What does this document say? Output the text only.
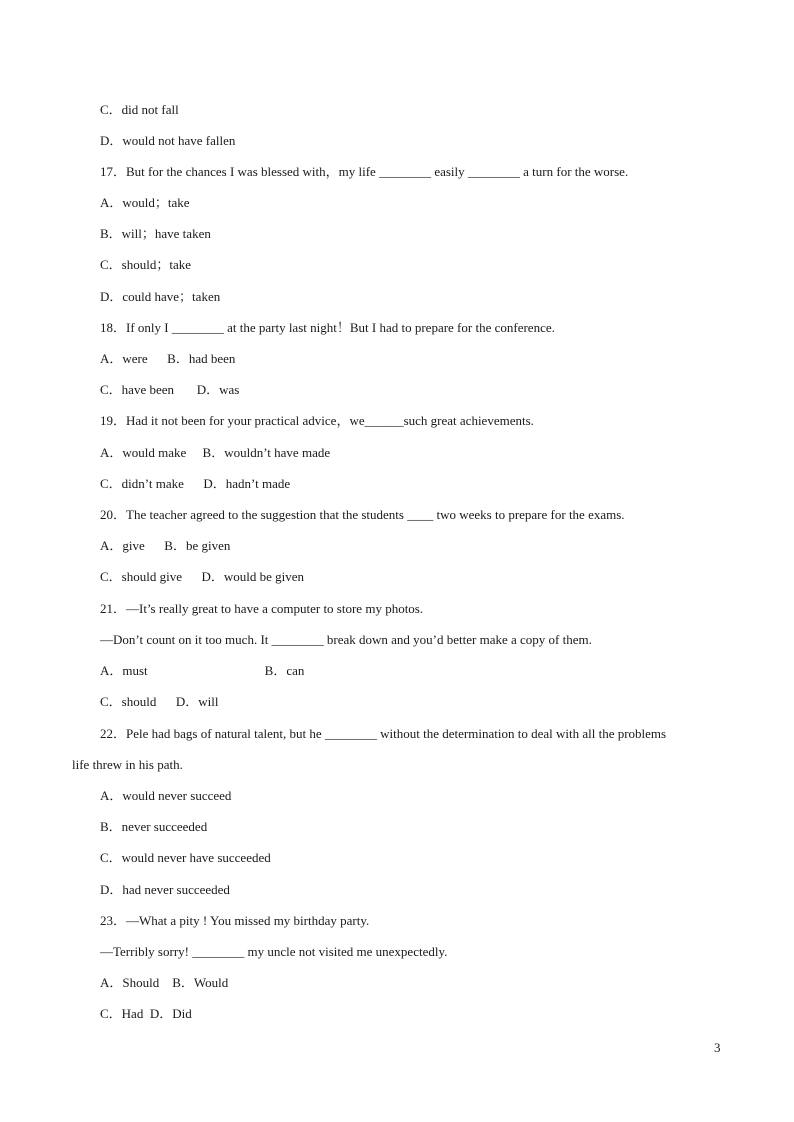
C．did not fall
D．would not have fallen
17．But for the chances I was blessed with，my life ________ easily ________ a turn for the worse.
A．would；take
B．will；have taken
C．should；take
D．could have；taken
18．If only I ________ at the party last night！But I had to prepare for the conference.
A．were      B．had been
C．have been       D．was
19．Had it not been for your practical advice，we______such great achievements.
A．would make     B．wouldn’t have made
C．didn’t make      D．hadn’t made
20．The teacher agreed to the suggestion that the students ____ two weeks to prepare for the exams.
A．give      B．be given
C．should give      D．would be given
21．—It’s really great to have a computer to store my photos.
—Don’t count on it too much. It ________ break down and you’d better make a copy of them.
A．must                                    B．can
C．should      D．will
22．Pele had bags of natural talent, but he ________ without the determination to deal with all the problems
life threw in his path.
A．would never succeed
B．never succeeded
C．would never have succeeded
D．had never succeeded
23．—What a pity ! You missed my birthday party.
—Terribly sorry! ________ my uncle not visited me unexpectedly.
A．Should    B．Would
C．Had  D．Did
3
